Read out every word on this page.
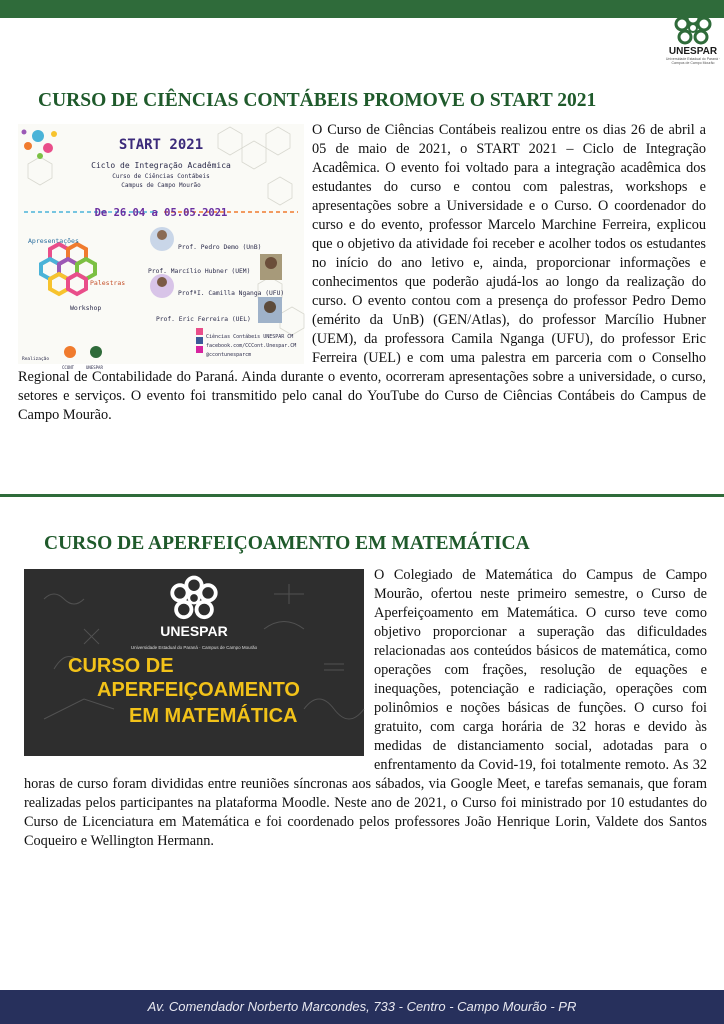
UNESPAR
Universidade Estadual do Paraná · Campus de Campo Mourão
CURSO DE CIÊNCIAS CONTÁBEIS PROMOVE O START 2021
START 2021
Ciclo de Integração Acadêmica
Curso de Ciências Contábeis
Campus de Campo Mourão
De 26.04 a 05.05.2021
Apresentações
Palestras
Workshop
Prof. Pedro Demo (UnB)
Prof. Marcílio Hubner (UEM)
ProfªI. Camilla Nganga (UFU)
Prof. Eric Ferreira (UEL)
Ciências Contábeis UNESPAR CM
facebook.com/CCCont.Unespar.CM
@ccontunesparcm
Realização
CCONT	UNESPAR

O Curso de Ciências Contábeis realizou entre os dias 26 de abril a 05 de maio de 2021, o START 2021 – Ciclo de Integração Acadêmica. O evento foi voltado para a integração acadêmica dos estudantes do curso e contou com palestras, workshops e apresentações sobre a Universidade e o Curso. O coordenador do curso e do evento, professor Marcelo Marchine Ferreira, explicou que o objetivo da atividade foi receber e acolher todos os estudantes no início do ano letivo e, ainda, proporcionar informações e conhecimentos que poderão ajudá-los ao longo da realização do curso. O evento contou com a presença do professor Pedro Demo (emérito da UnB) (GEN/Atlas), do professor Marcílio Hubner (UEM), da professora Camila Nganga (UFU), do professor Eric Ferreira (UEL) e com uma palestra em parceria com o Conselho Regional de Contabilidade do Paraná. Ainda durante o evento, ocorreram apresentações sobre a universidade, o curso, setores e serviços. O evento foi transmitido pelo canal do YouTube do Curso de Ciências Contábeis do Campus de Campo Mourão.

CURSO DE APERFEIÇOAMENTO EM MATEMÁTICA
UNESPAR
Universidade Estadual do Paraná · Campus de Campo Mourão
CURSO DE
APERFEIÇOAMENTO
EM MATEMÁTICA

O Colegiado de Matemática do Campus de Campo Mourão, ofertou neste primeiro semestre, o Curso de Aperfeiçoamento em Matemática. O curso teve como objetivo proporcionar a superação das dificuldades relacionadas aos conteúdos básicos de matemática, como operações com frações, resolução de equações e inequações, potenciação e radiciação, operações com polinômios e noções básicas de funções. O curso foi gratuito, com carga horária de 32 horas e devido às medidas de distanciamento social, adotadas para o enfrentamento da Covid-19, foi totalmente remoto. As 32 horas de curso foram divididas entre reuniões síncronas aos sábados, via Google Meet, e tarefas semanais, que foram realizadas pelos participantes na plataforma Moodle. Neste ano de 2021, o Curso foi ministrado por 10 estudantes do Curso de Licenciatura em Matemática e foi coordenado pelos professores João Henrique Lorin, Valdete dos Santos Coqueiro e Wellington Hermann.

Av. Comendador Norberto Marcondes, 733 - Centro - Campo Mourão - PR
